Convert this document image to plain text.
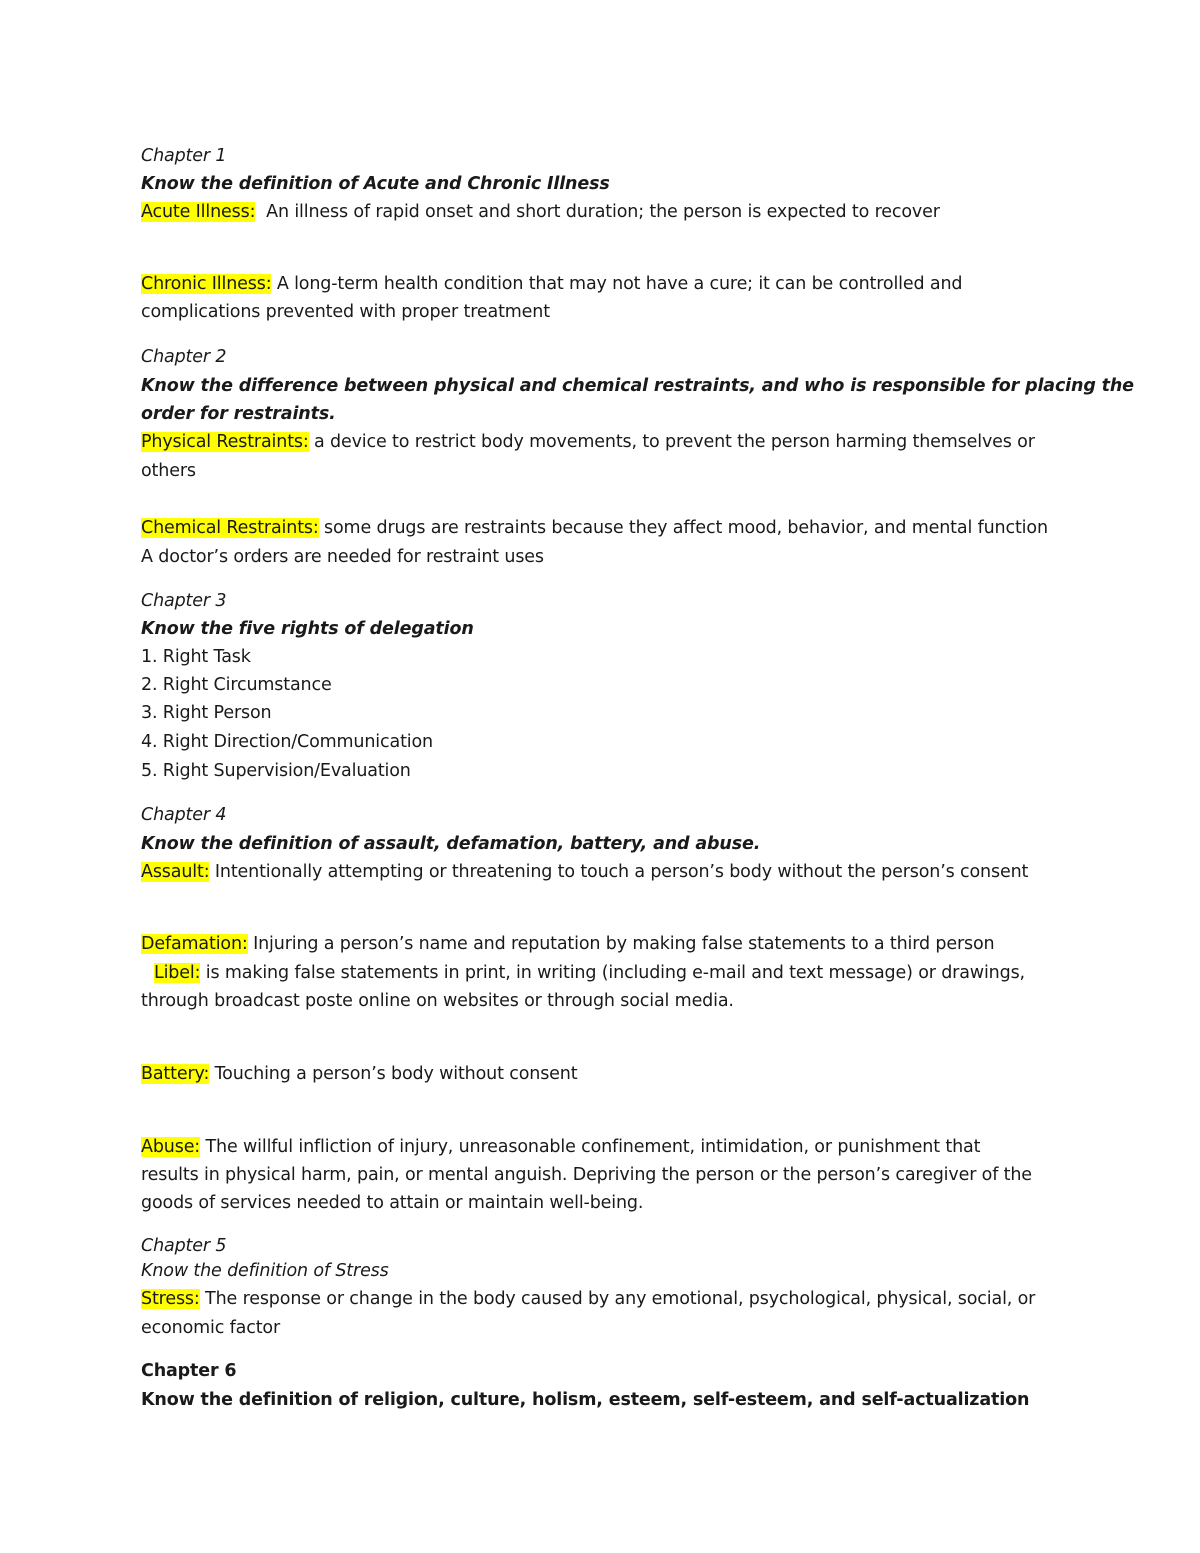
Chapter 1

Know the definition of Acute and Chronic Illness

Acute Illness:  An illness of rapid onset and short duration; the person is expected to recover

Chronic Illness: A long-term health condition that may not have a cure; it can be controlled and

complications prevented with proper treatment

Chapter 2

Know the difference between physical and chemical restraints, and who is responsible for placing the

order for restraints.

Physical Restraints: a device to restrict body movements, to prevent the person harming themselves or

others

Chemical Restraints: some drugs are restraints because they affect mood, behavior, and mental function

A doctor’s orders are needed for restraint uses

Chapter 3

Know the five rights of delegation

1. Right Task

2. Right Circumstance

3. Right Person

4. Right Direction/Communication

5. Right Supervision/Evaluation

Chapter 4

Know the definition of assault, defamation, battery, and abuse.

Assault: Intentionally attempting or threatening to touch a person’s body without the person’s consent

Defamation: Injuring a person’s name and reputation by making false statements to a third person

Libel: is making false statements in print, in writing (including e-mail and text message) or drawings,

through broadcast poste online on websites or through social media.

Battery: Touching a person’s body without consent

Abuse: The willful infliction of injury, unreasonable confinement, intimidation, or punishment that

results in physical harm, pain, or mental anguish. Depriving the person or the person’s caregiver of the

goods of services needed to attain or maintain well-being.

Chapter 5

Know the definition of Stress

Stress: The response or change in the body caused by any emotional, psychological, physical, social, or

economic factor

Chapter 6

Know the definition of religion, culture, holism, esteem, self-esteem, and self-actualization
